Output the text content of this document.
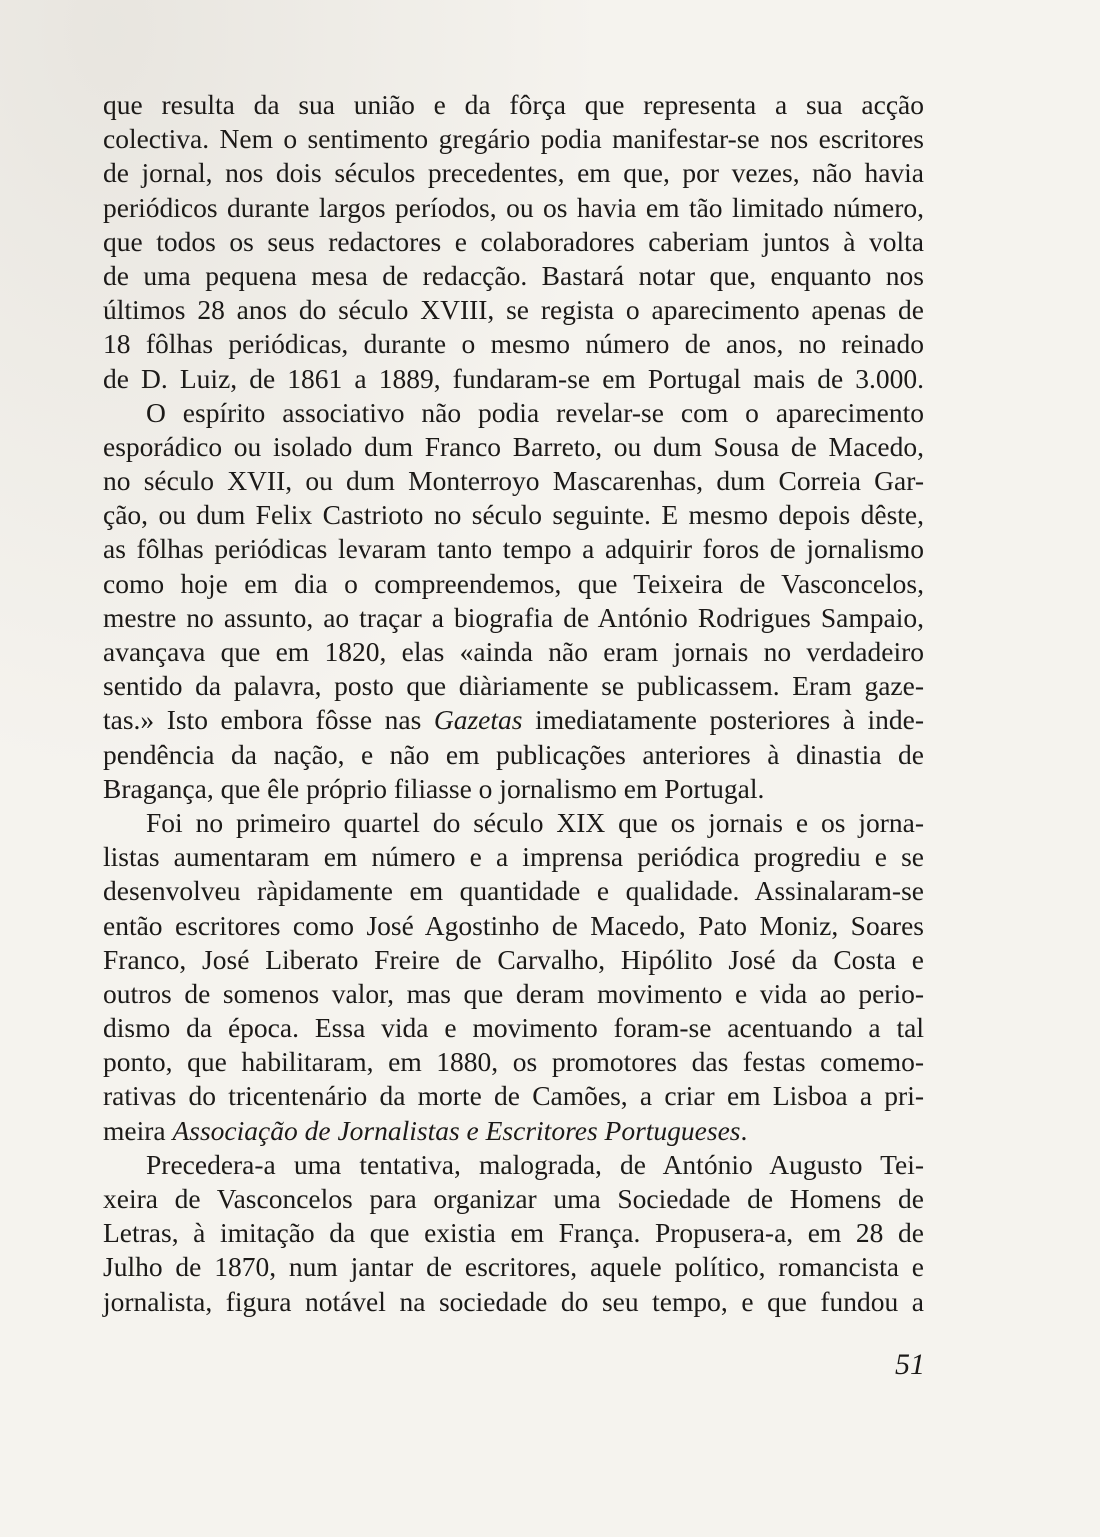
que resulta da sua união e da fôrça que representa a sua acção
colectiva. Nem o sentimento gregário podia manifestar-se nos escritores
de jornal, nos dois séculos precedentes, em que, por vezes, não havia
periódicos durante largos períodos, ou os havia em tão limitado número,
que todos os seus redactores e colaboradores caberiam juntos à volta
de uma pequena mesa de redacção. Bastará notar que, enquanto nos
últimos 28 anos do século XVIII, se regista o aparecimento apenas de
18 fôlhas periódicas, durante o mesmo número de anos, no reinado
de D. Luiz, de 1861 a 1889, fundaram-se em Portugal mais de 3.000.
O espírito associativo não podia revelar-se com o aparecimento
esporádico ou isolado dum Franco Barreto, ou dum Sousa de Macedo,
no século XVII, ou dum Monterroyo Mascarenhas, dum Correia Gar-
ção, ou dum Felix Castrioto no século seguinte. E mesmo depois dêste,
as fôlhas periódicas levaram tanto tempo a adquirir foros de jornalismo
como hoje em dia o compreendemos, que Teixeira de Vasconcelos,
mestre no assunto, ao traçar a biografia de António Rodrigues Sampaio,
avançava que em 1820, elas «ainda não eram jornais no verdadeiro
sentido da palavra, posto que diàriamente se publicassem. Eram gaze-
tas.» Isto embora fôsse nas Gazetas imediatamente posteriores à inde-
pendência da nação, e não em publicações anteriores à dinastia de
Bragança, que êle próprio filiasse o jornalismo em Portugal.
Foi no primeiro quartel do século XIX que os jornais e os jorna-
listas aumentaram em número e a imprensa periódica progrediu e se
desenvolveu ràpidamente em quantidade e qualidade. Assinalaram-se
então escritores como José Agostinho de Macedo, Pato Moniz, Soares
Franco, José Liberato Freire de Carvalho, Hipólito José da Costa e
outros de somenos valor, mas que deram movimento e vida ao perio-
dismo da época. Essa vida e movimento foram-se acentuando a tal
ponto, que habilitaram, em 1880, os promotores das festas comemo-
rativas do tricentenário da morte de Camões, a criar em Lisboa a pri-
meira Associação de Jornalistas e Escritores Portugueses.
Precedera-a uma tentativa, malograda, de António Augusto Tei-
xeira de Vasconcelos para organizar uma Sociedade de Homens de
Letras, à imitação da que existia em França. Propusera-a, em 28 de
Julho de 1870, num jantar de escritores, aquele político, romancista e
jornalista, figura notável na sociedade do seu tempo, e que fundou a
51
